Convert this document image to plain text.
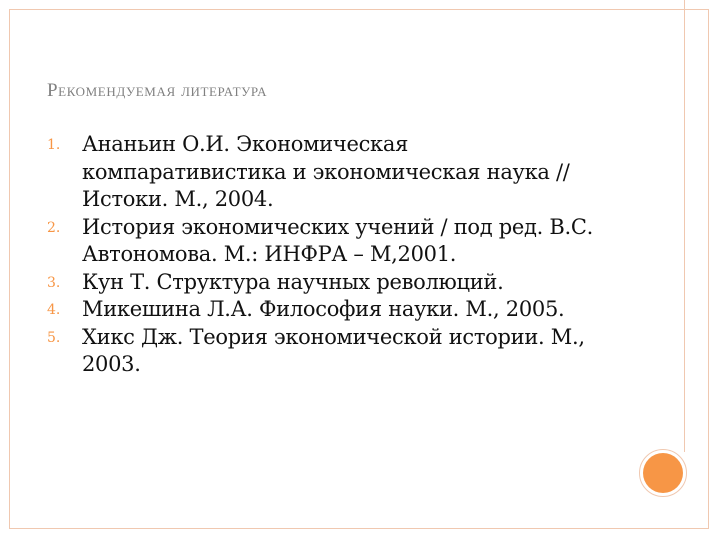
Рекомендуемая литература
1. Ананьин О.И. Экономическая
компаративистика и экономическая наука //
Истоки. М., 2004.
2. История экономических учений / под ред. В.С.
Автономова. М.: ИНФРА – М,2001.
3. Кун Т. Структура научных революций.
4. Микешина Л.А. Философия науки. М., 2005.
5. Хикс Дж. Теория экономической истории. М.,
2003.
